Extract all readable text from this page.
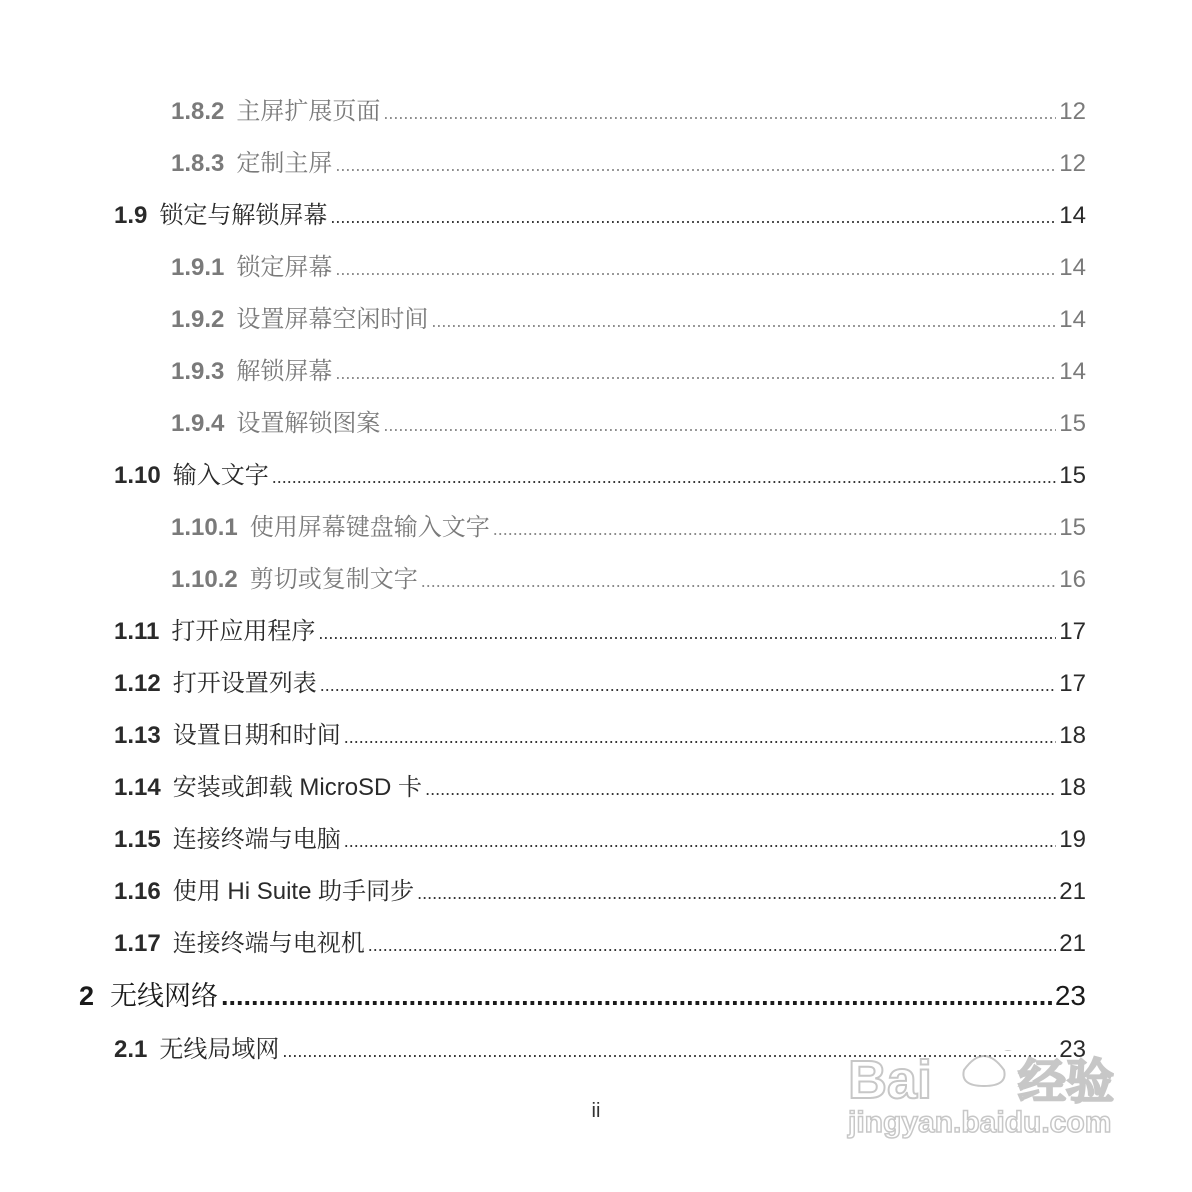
1.8.2 主屏扩展页面 .....	12
1.8.3 定制主屏 .....	12
1.9 锁定与解锁屏幕 .....	14
1.9.1 锁定屏幕 .....	14
1.9.2 设置屏幕空闲时间 .....	14
1.9.3 解锁屏幕 .....	14
1.9.4 设置解锁图案 .....	15
1.10 输入文字 .....	15
1.10.1 使用屏幕键盘输入文字 .....	15
1.10.2 剪切或复制文字 .....	16
1.11 打开应用程序 .....	17
1.12 打开设置列表 .....	17
1.13 设置日期和时间 .....	18
1.14 安装或卸载 MicroSD 卡 .....	18
1.15 连接终端与电脑 .....	19
1.16 使用 Hi Suite 助手同步 .....	21
1.17 连接终端与电视机 .....	21
2 无线网络 .....	23
2.1 无线局域网 .....	23
ii
Bai 经验
jingyan.baidu.com
